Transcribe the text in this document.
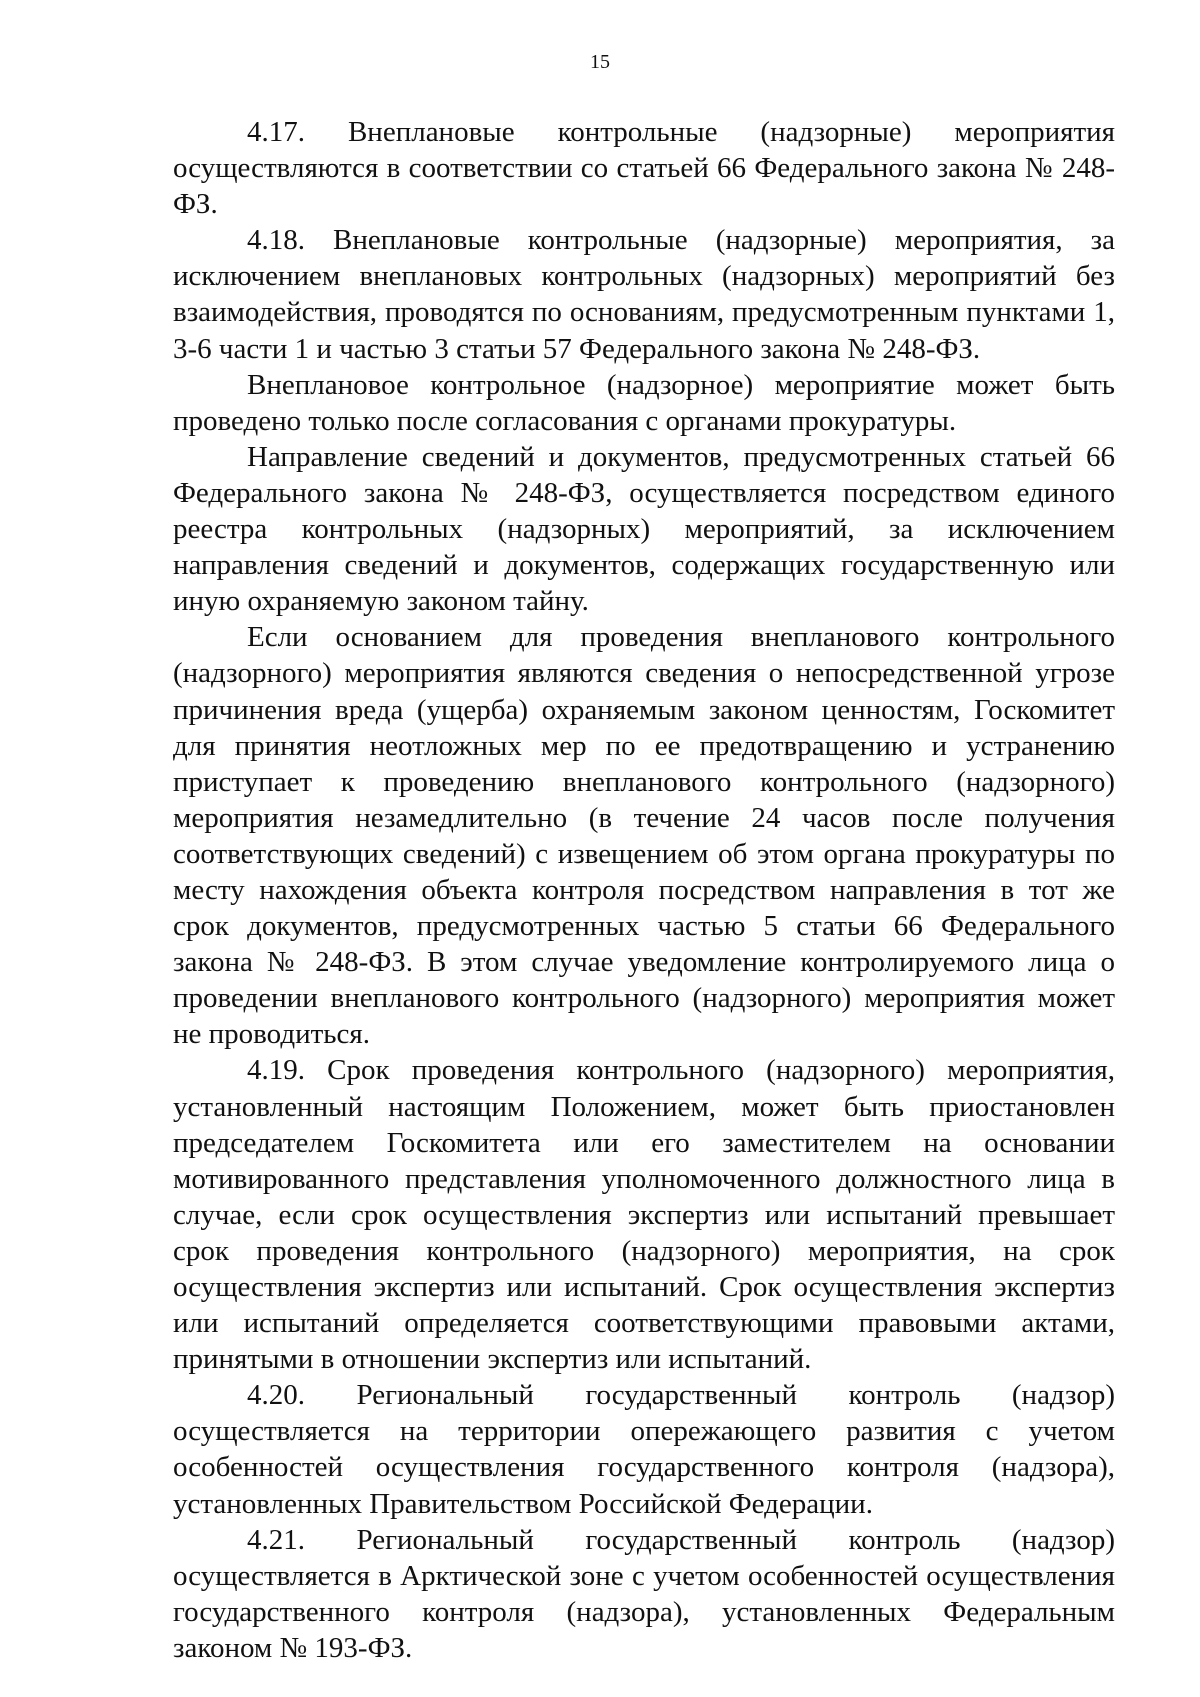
15

4.17. Внеплановые контрольные (надзорные) мероприятия осуществляются в соответствии со статьей 66 Федерального закона № 248-ФЗ.

4.18. Внеплановые контрольные (надзорные) мероприятия, за исключением внеплановых контрольных (надзорных) мероприятий без взаимодействия, проводятся по основаниям, предусмотренным пунктами 1, 3-6 части 1 и частью 3 статьи 57 Федерального закона № 248-ФЗ.

Внеплановое контрольное (надзорное) мероприятие может быть проведено только после согласования с органами прокуратуры.

Направление сведений и документов, предусмотренных статьей 66 Федерального закона № 248-ФЗ, осуществляется посредством единого реестра контрольных (надзорных) мероприятий, за исключением направления сведений и документов, содержащих государственную или иную охраняемую законом тайну.

Если основанием для проведения внепланового контрольного (надзорного) мероприятия являются сведения о непосредственной угрозе причинения вреда (ущерба) охраняемым законом ценностям, Госкомитет для принятия неотложных мер по ее предотвращению и устранению приступает к проведению внепланового контрольного (надзорного) мероприятия незамедлительно (в течение 24 часов после получения соответствующих сведений) с извещением об этом органа прокуратуры по месту нахождения объекта контроля посредством направления в тот же срок документов, предусмотренных частью 5 статьи 66 Федерального закона № 248-ФЗ. В этом случае уведомление контролируемого лица о проведении внепланового контрольного (надзорного) мероприятия может не проводиться.

4.19. Срок проведения контрольного (надзорного) мероприятия, установленный настоящим Положением, может быть приостановлен председателем Госкомитета или его заместителем на основании мотивированного представления уполномоченного должностного лица в случае, если срок осуществления экспертиз или испытаний превышает срок проведения контрольного (надзорного) мероприятия, на срок осуществления экспертиз или испытаний. Срок осуществления экспертиз или испытаний определяется соответствующими правовыми актами, принятыми в отношении экспертиз или испытаний.

4.20. Региональный государственный контроль (надзор) осуществляется на территории опережающего развития с учетом особенностей осуществления государственного контроля (надзора), установленных Правительством Российской Федерации.

4.21. Региональный государственный контроль (надзор) осуществляется в Арктической зоне с учетом особенностей осуществления государственного контроля (надзора), установленных Федеральным законом № 193-ФЗ.
